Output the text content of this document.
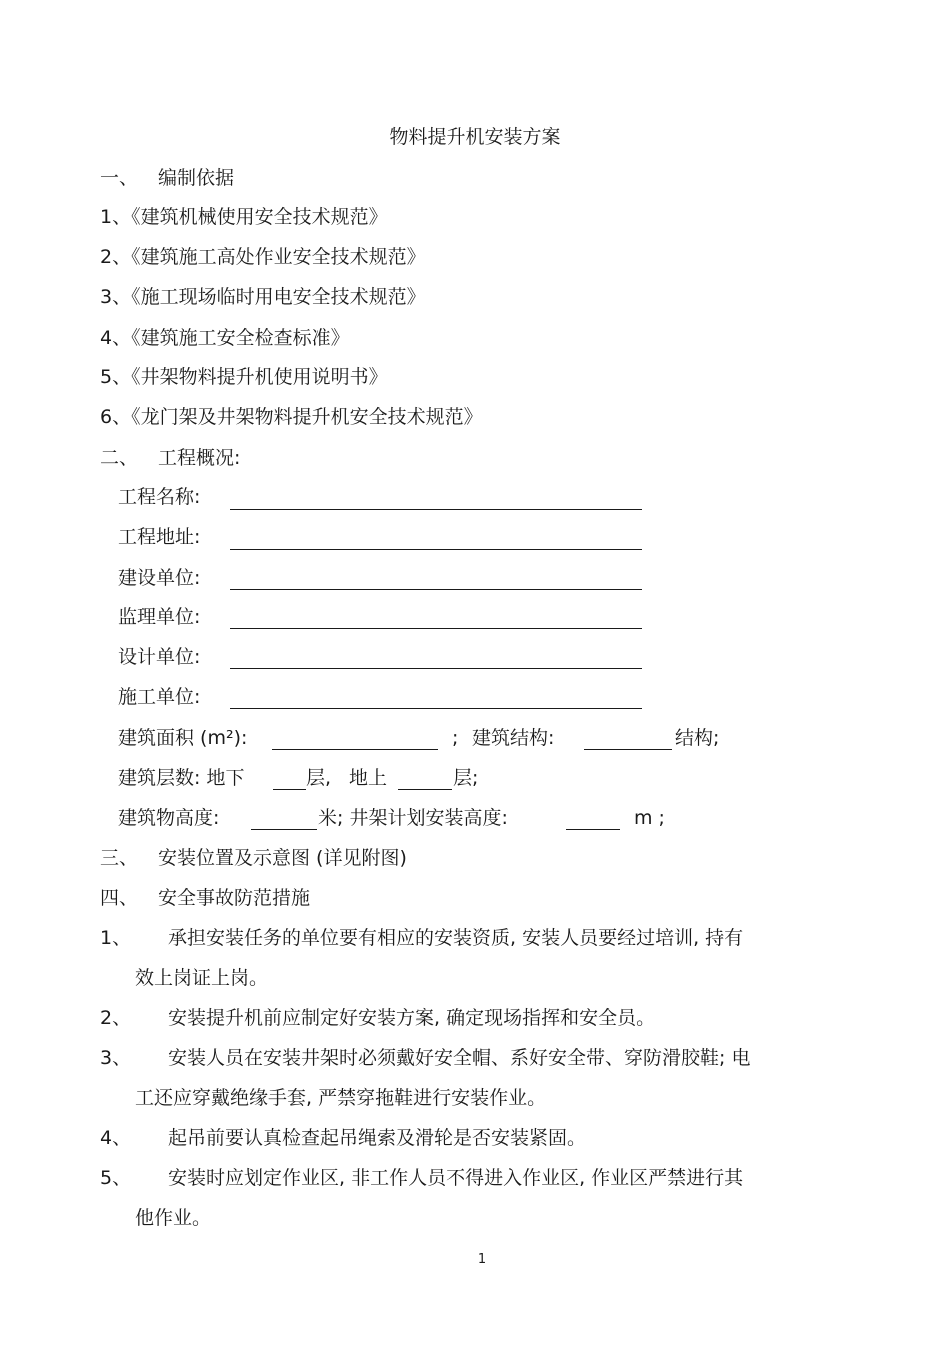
物料提升机安装方案
一、 编制依据
1、《建筑机械使用安全技术规范》
2、《建筑施工高处作业安全技术规范》
3、《施工现场临时用电安全技术规范》
4、《建筑施工安全检查标准》
5、《井架物料提升机使用说明书》
6、《龙门架及井架物料提升机安全技术规范》
二、 工程概况:
工程名称:
工程地址:
建设单位:
监理单位:
设计单位:
施工单位:
建筑面积 (m²):	; 建筑结构:	结构;
建筑层数: 地下	层, 地上	层;
建筑物高度:	米; 井架计划安装高度:	m ;
三、 安装位置及示意图 (详见附图)
四、 安全事故防范措施
1、 承担安装任务的单位要有相应的安装资质, 安装人员要经过培训, 持有
效上岗证上岗。
2、 安装提升机前应制定好安装方案, 确定现场指挥和安全员。
3、 安装人员在安装井架时必须戴好安全帽、系好安全带、穿防滑胶鞋; 电
工还应穿戴绝缘手套, 严禁穿拖鞋进行安装作业。
4、 起吊前要认真检查起吊绳索及滑轮是否安装紧固。
5、 安装时应划定作业区, 非工作人员不得进入作业区, 作业区严禁进行其
他作业。
1
